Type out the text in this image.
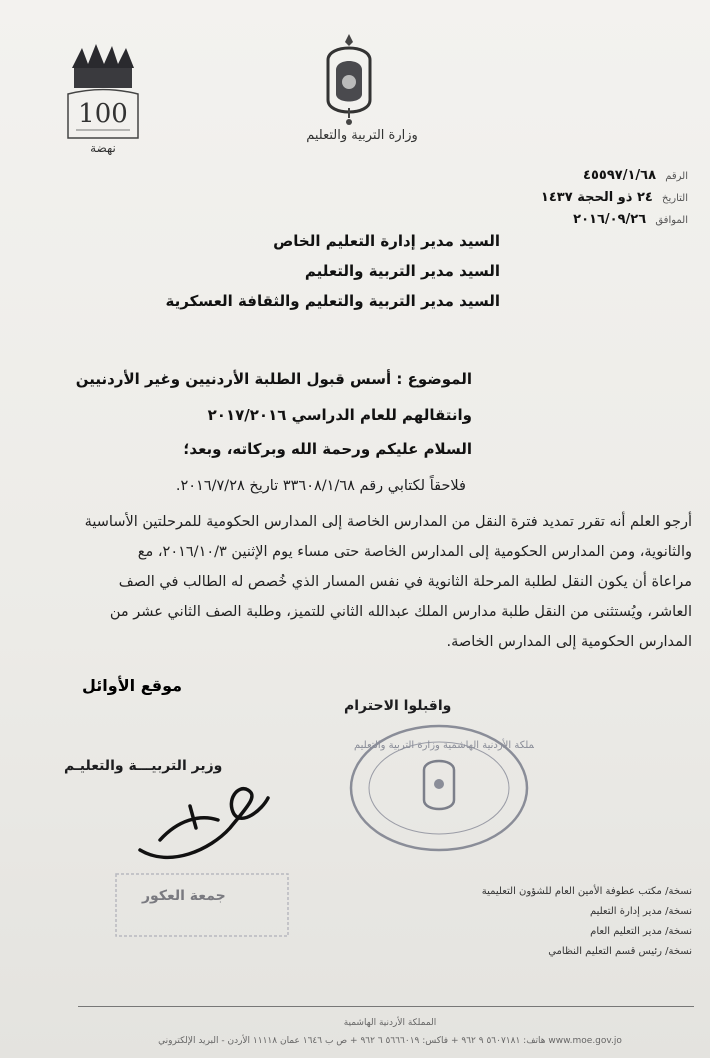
100
نهضة
وزارة التربية والتعليم
الرقم ٤٥٥٩٧/١/٦٨
التاريخ ٢٤ ذو الحجة ١٤٣٧
الموافق ٢٠١٦/٠٩/٢٦
السيد مدير إدارة التعليم الخاص
السيد مدير التربية والتعليم
السيد مدير التربية والتعليم والثقافة العسكرية
الموضوع : أسس قبول الطلبة الأردنيين وغير الأردنيين
وانتقالهم للعام الدراسي ٢٠١٧/٢٠١٦
السلام عليكم ورحمة الله وبركاته، وبعد؛
فلاحقاً لكتابي رقم ٣٣٦٠٨/١/٦٨ تاريخ ٢٠١٦/٧/٢٨.
أرجو العلم أنه تقرر تمديد فترة النقل من المدارس الخاصة إلى المدارس الحكومية للمرحلتين الأساسية
والثانوية، ومن المدارس الحكومية إلى المدارس الخاصة حتى مساء يوم الإثنين ٢٠١٦/١٠/٣، مع
مراعاة أن يكون النقل لطلبة المرحلة الثانوية في نفس المسار الذي خُصص له الطالب في الصف
العاشر، ويُستثنى من النقل طلبة مدارس الملك عبدالله الثاني للتميز، وطلبة الصف الثاني عشر من
المدارس الحكومية إلى المدارس الخاصة.
موقع الأوائل
واقبلوا الاحترام
المملكة الأردنية الهاشمية وزارة التربية والتعليم
وزير التربيـــة والتعليـم
جمعة العكور	نسخة/ مكتب عطوفة الأمين العام للشؤون التعليمية
نسخة/ مدير إدارة التعليم
نسخة/ مدير التعليم العام
نسخة/ رئيس قسم التعليم النظامي
المملكة الأردنية الهاشمية
www.moe.gov.jo هاتف: ٥٦٠٧١٨١ ٩ ٩٦٢ + فاكس: ٥٦٦٦٠١٩ ٦ ٩٦٢ + ص ب ١٦٤٦ عمان ١١١١٨ الأردن - البريد الإلكتروني
